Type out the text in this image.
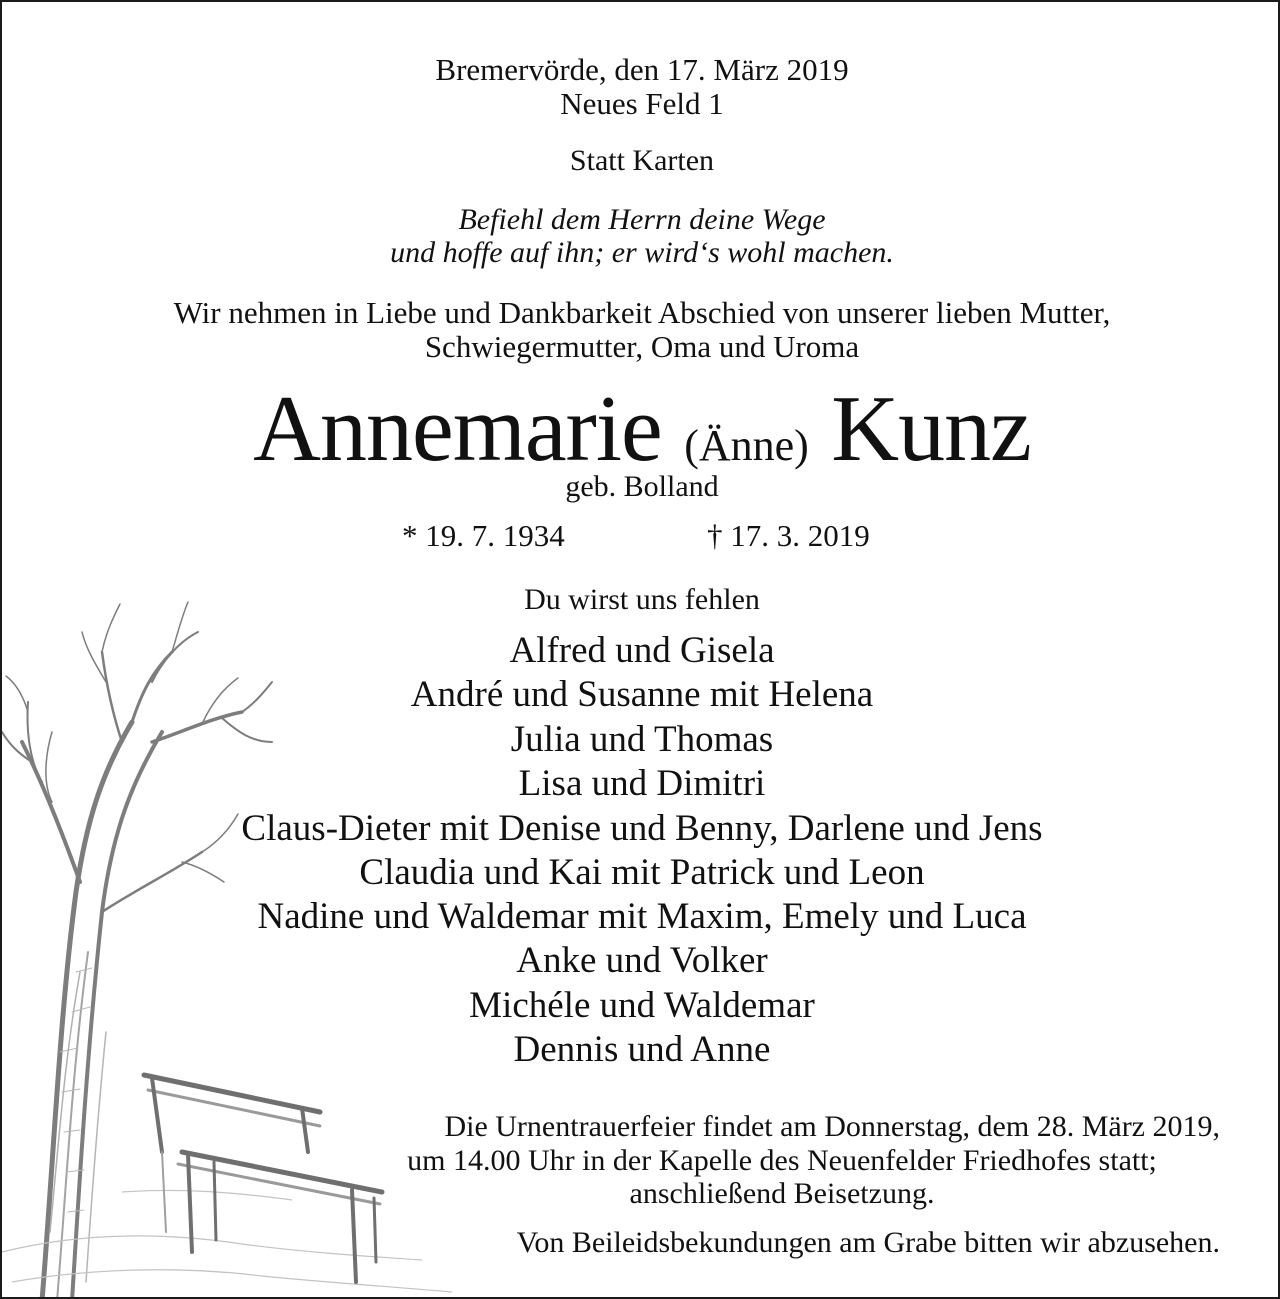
Bremervörde, den 17. März 2019
Neues Feld 1
Statt Karten
Befiehl dem Herrn deine Wege
und hoffe auf ihn; er wird‘s wohl machen.
Wir nehmen in Liebe und Dankbarkeit Abschied von unserer lieben Mutter,
Schwiegermutter, Oma und Uroma
Annemarie (Änne) Kunz
geb. Bolland
* 19. 7. 1934	† 17. 3. 2019
Du wirst uns fehlen
Alfred und Gisela
André und Susanne mit Helena
Julia und Thomas
Lisa und Dimitri
Claus-Dieter mit Denise und Benny, Darlene und Jens
Claudia und Kai mit Patrick und Leon
Nadine und Waldemar mit Maxim, Emely und Luca
Anke und Volker
Michéle und Waldemar
Dennis und Anne
Die Urnentrauerfeier findet am Donnerstag, dem 28. März 2019,
um 14.00 Uhr in der Kapelle des Neuenfelder Friedhofes statt;
anschließend Beisetzung.
Von Beileidsbekundungen am Grabe bitten wir abzusehen.
